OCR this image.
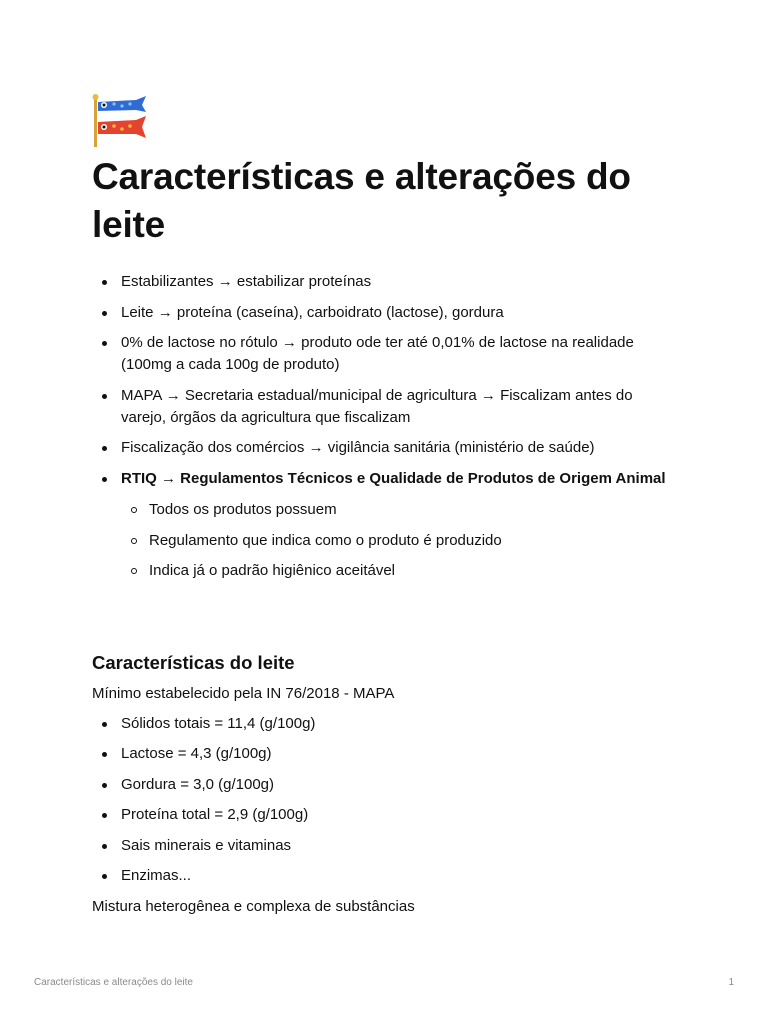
Características e alterações do leite
Estabilizantes → estabilizar proteínas
Leite → proteína (caseína), carboidrato (lactose), gordura
0% de lactose no rótulo → produto ode ter até 0,01% de lactose na realidade (100mg a cada 100g de produto)
MAPA → Secretaria estadual/municipal de agricultura → Fiscalizam antes do varejo, órgãos da agricultura que fiscalizam
Fiscalização dos comércios → vigilância sanitária (ministério de saúde)
RTIQ → Regulamentos Técnicos e Qualidade de Produtos de Origem Animal
Todos os produtos possuem
Regulamento que indica como o produto é produzido
Indica já o padrão higiênico aceitável
Características do leite

Mínimo estabelecido pela IN 76/2018 - MAPA

Sólidos totais = 11,4 (g/100g)
Lactose = 4,3 (g/100g)
Gordura = 3,0 (g/100g)
Proteína total = 2,9 (g/100g)
Sais minerais e vitaminas
Enzimas...

Mistura heterogênea e complexa de substâncias

Características e alterações do leite	1
